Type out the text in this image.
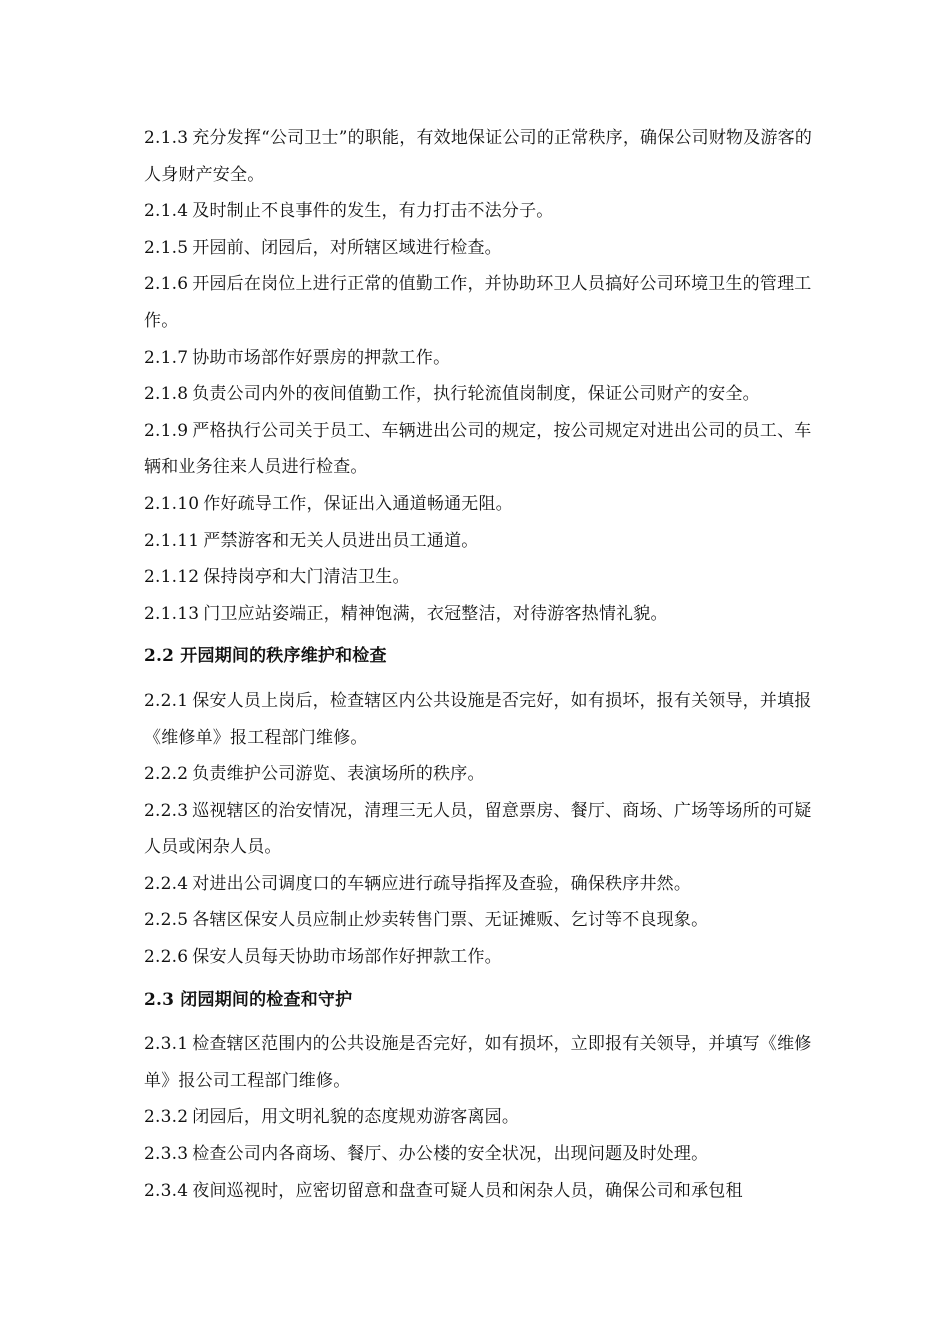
2.1.3 充分发挥“公司卫士”的职能，有效地保证公司的正常秩序，确保公司财物及游客的人身财产安全。

2.1.4 及时制止不良事件的发生，有力打击不法分子。

2.1.5 开园前、闭园后，对所辖区域进行检查。

2.1.6 开园后在岗位上进行正常的值勤工作，并协助环卫人员搞好公司环境卫生的管理工作。

2.1.7 协助市场部作好票房的押款工作。

2.1.8 负责公司内外的夜间值勤工作，执行轮流值岗制度，保证公司财产的安全。

2.1.9 严格执行公司关于员工、车辆进出公司的规定，按公司规定对进出公司的员工、车辆和业务往来人员进行检查。

2.1.10 作好疏导工作，保证出入通道畅通无阻。

2.1.11 严禁游客和无关人员进出员工通道。

2.1.12 保持岗亭和大门清洁卫生。

2.1.13 门卫应站姿端正，精神饱满，衣冠整洁，对待游客热情礼貌。

2.2 开园期间的秩序维护和检查

2.2.1 保安人员上岗后，检查辖区内公共设施是否完好，如有损坏，报有关领导，并填报《维修单》报工程部门维修。

2.2.2 负责维护公司游览、表演场所的秩序。

2.2.3 巡视辖区的治安情况，清理三无人员，留意票房、餐厅、商场、广场等场所的可疑人员或闲杂人员。

2.2.4 对进出公司调度口的车辆应进行疏导指挥及查验，确保秩序井然。

2.2.5 各辖区保安人员应制止炒卖转售门票、无证摊贩、乞讨等不良现象。

2.2.6 保安人员每天协助市场部作好押款工作。

2.3 闭园期间的检查和守护

2.3.1 检查辖区范围内的公共设施是否完好，如有损坏，立即报有关领导，并填写《维修单》报公司工程部门维修。

2.3.2 闭园后，用文明礼貌的态度规劝游客离园。

2.3.3 检查公司内各商场、餐厅、办公楼的安全状况，出现问题及时处理。

2.3.4 夜间巡视时，应密切留意和盘查可疑人员和闲杂人员，确保公司和承包租
